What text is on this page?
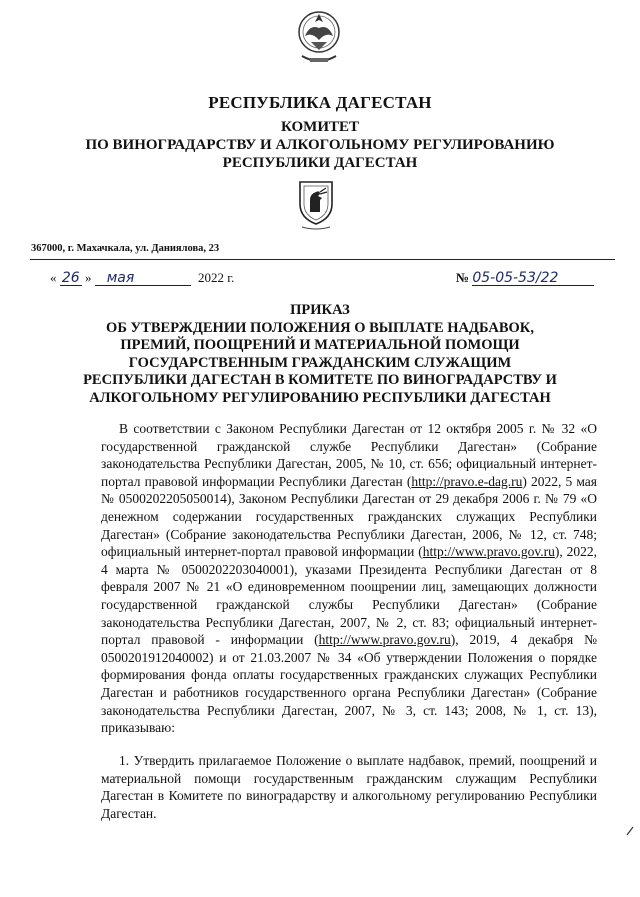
РЕСПУБЛИКА ДАГЕСТАН
КОМИТЕТ
ПО ВИНОГРАДАРСТВУ И АЛКОГОЛЬНОМУ РЕГУЛИРОВАНИЮ
РЕСПУБЛИКИ ДАГЕСТАН
367000, г. Махачкала, ул. Даниялова, 23
« 26 » мая	2022 г.	№ 05-05-53/22
ПРИКАЗ
ОБ УТВЕРЖДЕНИИ ПОЛОЖЕНИЯ О ВЫПЛАТЕ НАДБАВОК,
ПРЕМИЙ, ПООЩРЕНИЙ И МАТЕРИАЛЬНОЙ ПОМОЩИ
ГОСУДАРСТВЕННЫМ ГРАЖДАНСКИМ СЛУЖАЩИМ
РЕСПУБЛИКИ ДАГЕСТАН В КОМИТЕТЕ ПО ВИНОГРАДАРСТВУ И
АЛКОГОЛЬНОМУ РЕГУЛИРОВАНИЮ РЕСПУБЛИКИ ДАГЕСТАН
В соответствии с Законом Республики Дагестан от 12 октября 2005 г. № 32 «О государственной гражданской службе Республики Дагестан» (Собрание законодательства Республики Дагестан, 2005, № 10, ст. 656; официальный интернет-портал правовой информации Республики Дагестан (http://pravo.e-dag.ru) 2022, 5 мая № 0500202205050014), Законом Республики Дагестан от 29 декабря 2006 г. № 79 «О денежном содержании государственных гражданских служащих Республики Дагестан» (Собрание законодательства Республики Дагестан, 2006, № 12, ст. 748; официальный интернет-портал правовой информации (http://www.pravo.gov.ru), 2022, 4 марта № 0500202203040001), указами Президента Республики Дагестан от 8 февраля 2007 № 21 «О единовременном поощрении лиц, замещающих должности государственной гражданской службы Республики Дагестан» (Собрание законодательства Республики Дагестан, 2007, № 2, ст. 83; официальный интернет-портал правовой - информации (http://www.pravo.gov.ru), 2019, 4 декабря № 0500201912040002) и от 21.03.2007 № 34 «Об утверждении Положения о порядке формирования фонда оплаты государственных гражданских служащих Республики Дагестан и работников государственного органа Республики Дагестан» (Собрание законодательства Республики Дагестан, 2007, № 3, ст. 143; 2008, № 1, ст. 13), приказываю:
1. Утвердить прилагаемое Положение о выплате надбавок, премий, поощрений и материальной помощи государственным гражданским служащим Республики Дагестан в Комитете по виноградарству и алкогольному регулированию Республики Дагестан.
